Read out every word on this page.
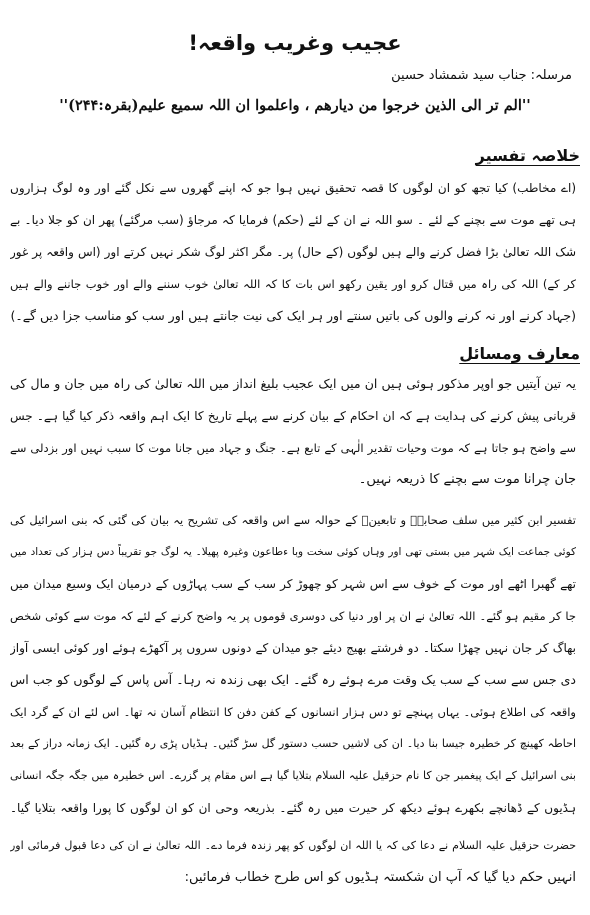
عجیب وغریب واقعہ!
مرسلہ: جناب سید شمشاد حسین
''الم تر الی الذین خرجوا من دیارھم ، واعلموا ان اللہ سمیع علیم(بقرہ:۲۴۴)''
خلاصہ تفسیر
(اے مخاطب) کیا تجھ کو ان لوگوں کا قصہ تحقیق نہیں ہوا جو کہ اپنے گھروں سے نکل گئے اور وہ لوگ ہزاروں
ہی تھے موت سے بچنے کے لئے ۔ سو اللہ نے ان کے لئے (حکم) فرمایا کہ مرجاؤ (سب مرگئے) پھر ان کو جلا دیا۔ بے
شک اللہ تعالیٰ بڑا فضل کرنے والے ہیں لوگوں (کے حال) پر۔ مگر اکثر لوگ شکر نہیں کرتے اور (اس واقعہ پر غور
کر کے) اللہ کی راہ میں قتال کرو اور یقین رکھو اس بات کا کہ اللہ تعالیٰ خوب سننے والے اور خوب جاننے والے ہیں
(جہاد کرنے اور نہ کرنے والوں کی باتیں سنتے اور ہر ایک کی نیت جانتے ہیں اور سب کو مناسب جزا دیں گے۔)
معارف ومسائل
یہ تین آیتیں جو اوپر مذکور ہوئی ہیں ان میں ایک عجیب بلیغ انداز میں اللہ تعالیٰ کی راہ میں جان و مال کی
قربانی پیش کرنے کی ہدایت ہے کہ ان احکام کے بیان کرنے سے پہلے تاریخ کا ایک اہم واقعہ ذکر کیا گیا ہے۔ جس
سے واضح ہو جاتا ہے کہ موت وحیات تقدیر الٰہی کے تابع ہے۔ جنگ و جہاد میں جانا موت کا سبب نہیں اور بزدلی سے
جان چرانا موت سے بچنے کا ذریعہ نہیں۔
تفسیر ابن کثیر میں سلف صحابہؓ و تابعینؒ کے حوالہ سے اس واقعہ کی تشریح یہ بیان کی گئی کہ بنی اسرائیل کی
کوئی جماعت ایک شہر میں بستی تھی اور وہاں کوئی سخت وبا ءطاعون وغیرہ پھیلا۔ یہ لوگ جو تقریباً دس ہزار کی تعداد میں
تھے گھبرا اٹھے اور موت کے خوف سے اس شہر کو چھوڑ کر سب کے سب پہاڑوں کے درمیان ایک وسیع میدان میں
جا کر مقیم ہو گئے۔ اللہ تعالیٰ نے ان پر اور دنیا کی دوسری قوموں پر یہ واضح کرنے کے لئے کہ موت سے کوئی شخص
بھاگ کر جان نہیں چھڑا سکتا۔ دو فرشتے بھیج دیئے جو میدان کے دونوں سروں پر آکھڑے ہوئے اور کوئی ایسی آواز
دی جس سے سب کے سب یک وقت مرے ہوئے رہ گئے۔ ایک بھی زندہ نہ رہا۔ آس پاس کے لوگوں کو جب اس
واقعہ کی اطلاع ہوئی۔ یہاں پہنچے تو دس ہزار انسانوں کے کفن دفن کا انتظام آسان نہ تھا۔ اس لئے ان کے گرد ایک
احاطہ کھینچ کر خطیرہ جیسا بنا دیا۔ ان کی لاشیں حسب دستور گل سڑ گئیں۔ ہڈیاں پڑی رہ گئیں۔ ایک زمانہ دراز کے بعد
بنی اسرائیل کے ایک پیغمبر جن کا نام حزقیل علیہ السلام بتلایا گیا ہے اس مقام پر گزرے۔ اس خطیرہ میں جگہ جگہ انسانی
ہڈیوں کے ڈھانچے بکھرے ہوئے دیکھ کر حیرت میں رہ گئے۔ بذریعہ وحی ان کو ان لوگوں کا پورا واقعہ بتلایا گیا۔
حضرت حزقیل علیہ السلام نے دعا کی کہ یا اللہ ان لوگوں کو پھر زندہ فرما دے۔ اللہ تعالیٰ نے ان کی دعا قبول فرمائی اور
انہیں حکم دیا گیا کہ آپ ان شکستہ ہڈیوں کو اس طرح خطاب فرمائیں:
